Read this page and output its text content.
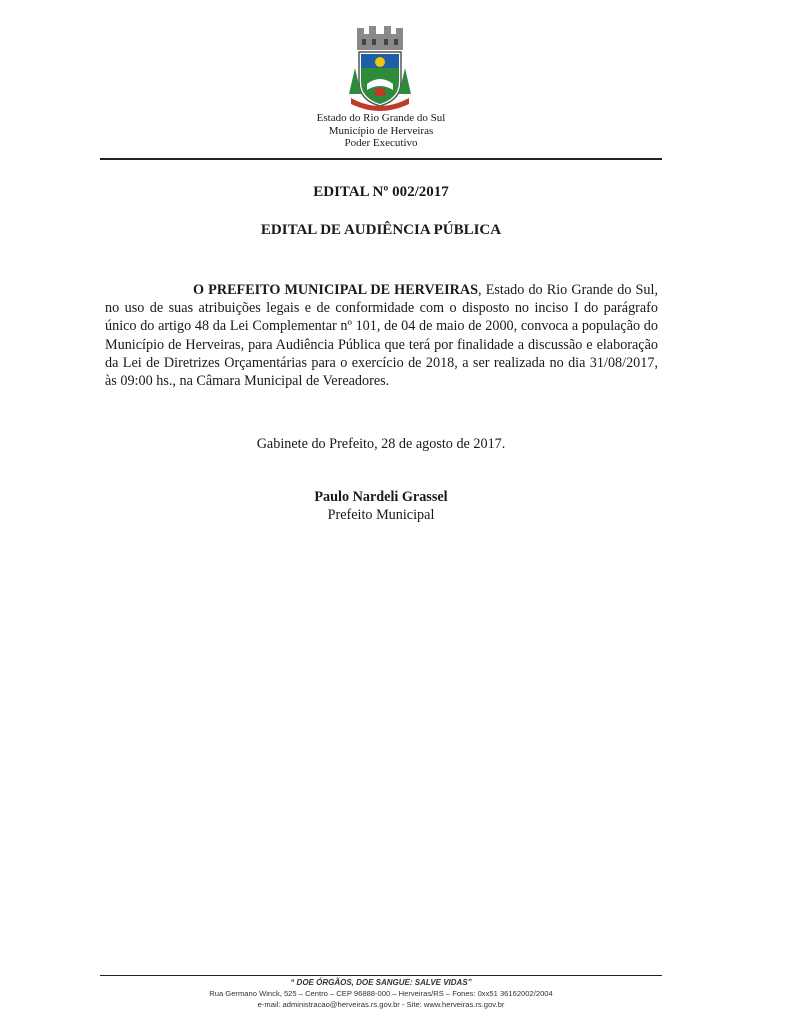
Estado do Rio Grande do Sul
Município de Herveiras
Poder Executivo
EDITAL Nº 002/2017
EDITAL DE AUDIÊNCIA PÚBLICA
O PREFEITO MUNICIPAL DE HERVEIRAS, Estado do Rio Grande do Sul, no uso de suas atribuições legais e de conformidade com o disposto no inciso I do parágrafo único do artigo 48 da Lei Complementar nº 101, de 04 de maio de 2000, convoca a população do Município de Herveiras, para Audiência Pública que terá por finalidade a discussão e elaboração da Lei de Diretrizes Orçamentárias para o exercício de 2018, a ser realizada no dia 31/08/2017, às 09:00 hs., na Câmara Municipal de Vereadores.
Gabinete do Prefeito, 28 de agosto de 2017.
Paulo Nardeli Grassel
Prefeito Municipal
“ DOE ÓRGÃOS, DOE SANGUE: SALVE VIDAS”
Rua Germano Winck, 525 – Centro – CEP 96888-000 – Herveiras/RS – Fones: 0xx51 36162002/2004
e-mail: administracao@herveiras.rs.gov.br - Site: www.herveiras.rs.gov.br
